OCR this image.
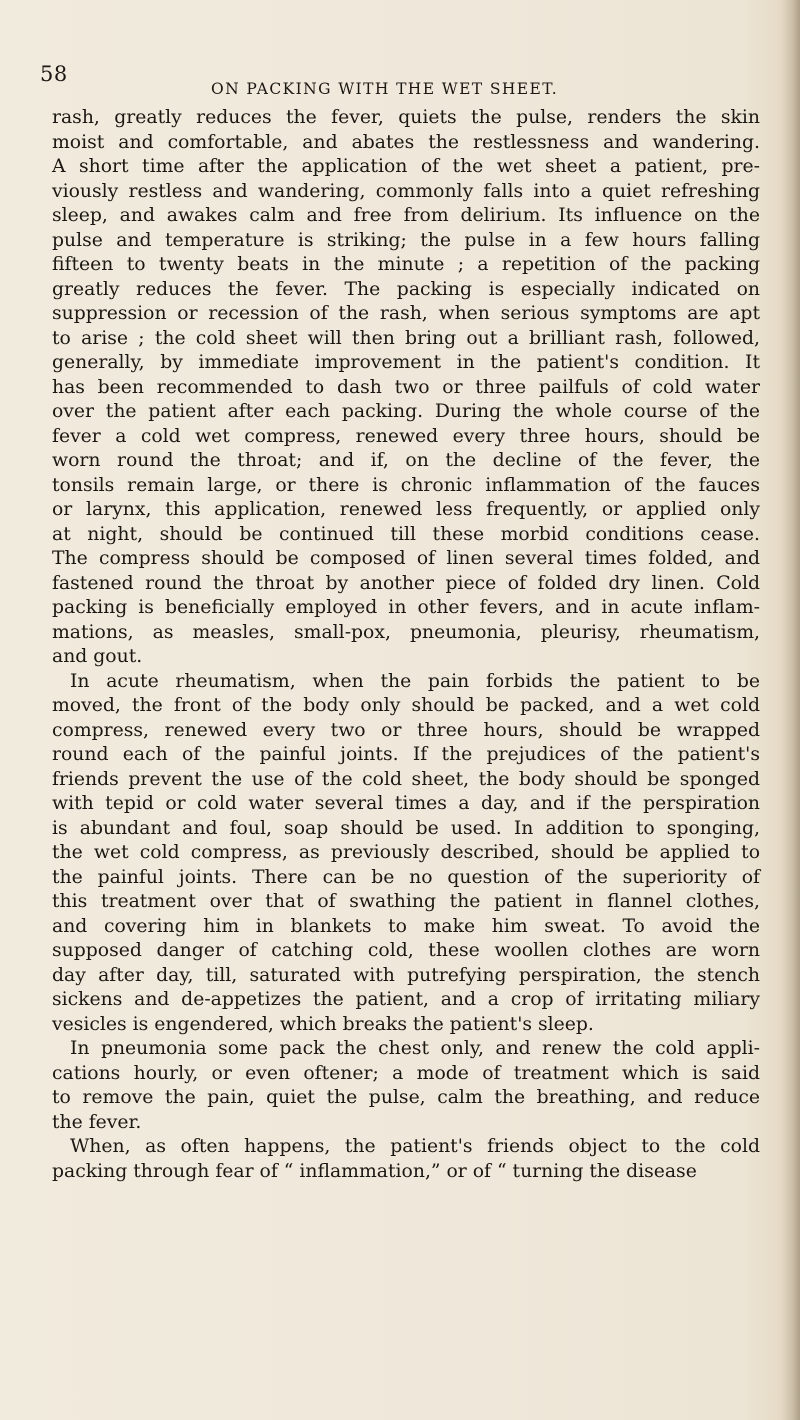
58
ON PACKING WITH THE WET SHEET.
rash, greatly reduces the fever, quiets the pulse, renders the skin
moist and comfortable, and abates the restlessness and wandering.
A short time after the application of the wet sheet a patient, pre-
viously restless and wandering, commonly falls into a quiet refreshing
sleep, and awakes calm and free from delirium. Its influence on the
pulse and temperature is striking; the pulse in a few hours falling
fifteen to twenty beats in the minute ; a repetition of the packing
greatly reduces the fever. The packing is especially indicated on
suppression or recession of the rash, when serious symptoms are apt
to arise ; the cold sheet will then bring out a brilliant rash, followed,
generally, by immediate improvement in the patient's condition. It
has been recommended to dash two or three pailfuls of cold water
over the patient after each packing. During the whole course of the
fever a cold wet compress, renewed every three hours, should be
worn round the throat; and if, on the decline of the fever, the
tonsils remain large, or there is chronic inflammation of the fauces
or larynx, this application, renewed less frequently, or applied only
at night, should be continued till these morbid conditions cease.
The compress should be composed of linen several times folded, and
fastened round the throat by another piece of folded dry linen. Cold
packing is beneficially employed in other fevers, and in acute inflam-
mations, as measles, small-pox, pneumonia, pleurisy, rheumatism,
and gout.
In acute rheumatism, when the pain forbids the patient to be
moved, the front of the body only should be packed, and a wet cold
compress, renewed every two or three hours, should be wrapped
round each of the painful joints. If the prejudices of the patient's
friends prevent the use of the cold sheet, the body should be sponged
with tepid or cold water several times a day, and if the perspiration
is abundant and foul, soap should be used. In addition to sponging,
the wet cold compress, as previously described, should be applied to
the painful joints. There can be no question of the superiority of
this treatment over that of swathing the patient in flannel clothes,
and covering him in blankets to make him sweat. To avoid the
supposed danger of catching cold, these woollen clothes are worn
day after day, till, saturated with putrefying perspiration, the stench
sickens and de-appetizes the patient, and a crop of irritating miliary
vesicles is engendered, which breaks the patient's sleep.
In pneumonia some pack the chest only, and renew the cold appli-
cations hourly, or even oftener; a mode of treatment which is said
to remove the pain, quiet the pulse, calm the breathing, and reduce
the fever.
When, as often happens, the patient's friends object to the cold
packing through fear of “ inflammation,” or of “ turning the disease
